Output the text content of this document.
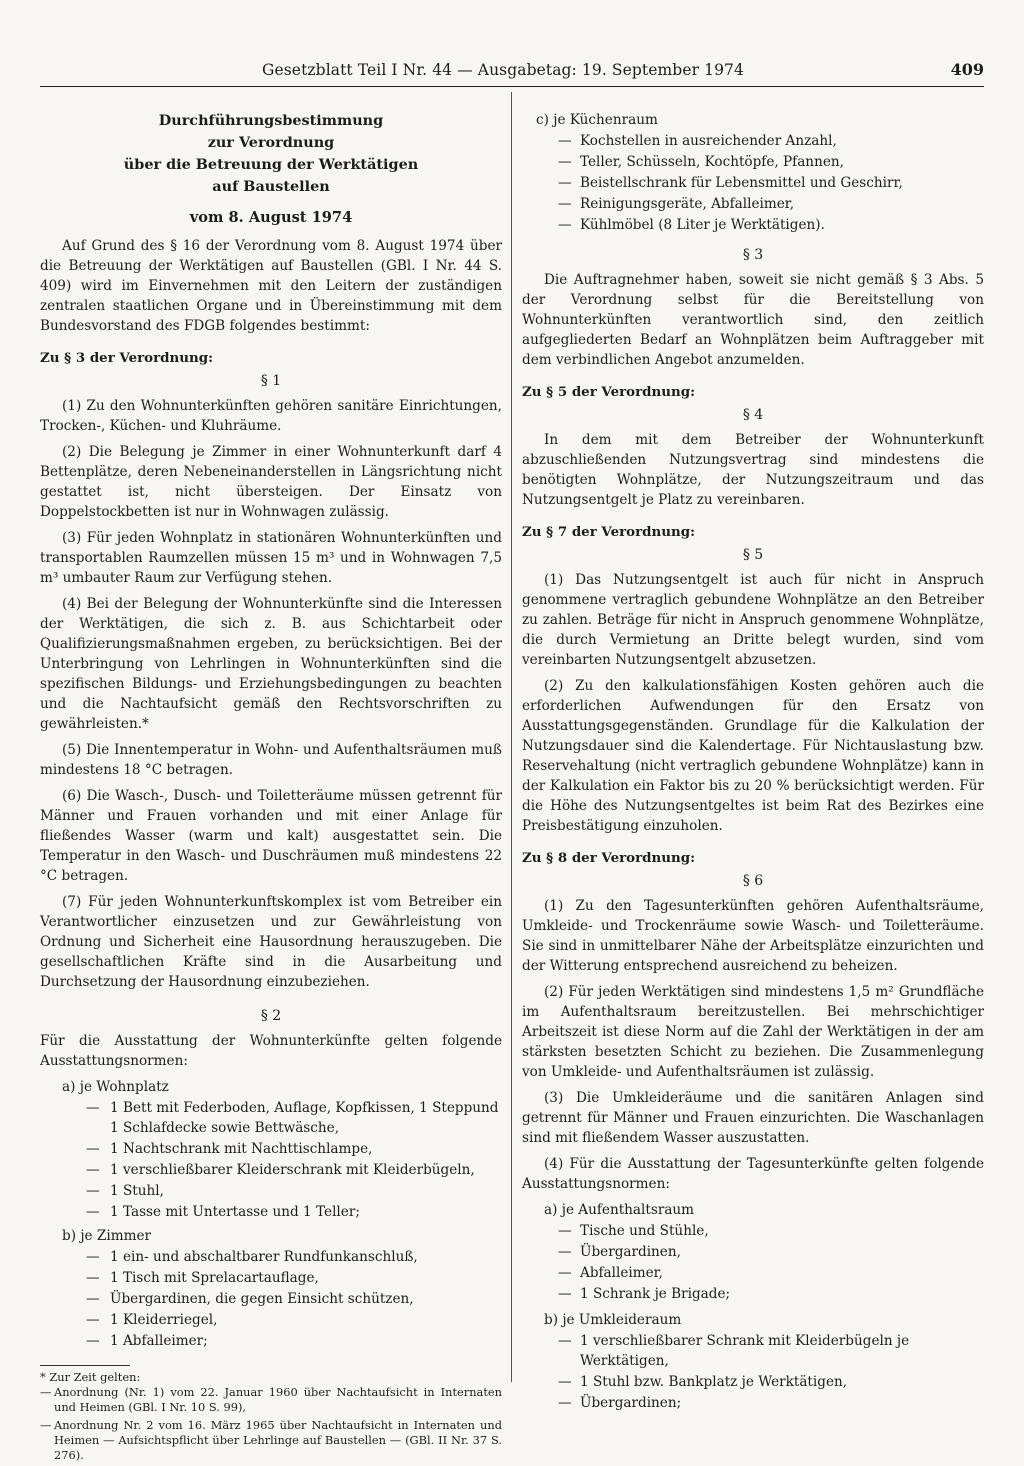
Gesetzblatt Teil I Nr. 44 — Ausgabetag: 19. September 1974	409
Durchführungsbestimmung
zur Verordnung
über die Betreuung der Werktätigen
auf Baustellen
vom 8. August 1974

Auf Grund des § 16 der Verordnung vom 8. August 1974 über die Betreuung der Werktätigen auf Baustellen (GBl. I Nr. 44 S. 409) wird im Einvernehmen mit den Leitern der zuständigen zentralen staatlichen Organe und in Übereinstimmung mit dem Bundesvorstand des FDGB folgendes bestimmt:

Zu § 3 der Verordnung:
§ 1

(1) Zu den Wohnunterkünften gehören sanitäre Einrichtungen, Trocken-, Küchen- und Kluhräume.

(2) Die Belegung je Zimmer in einer Wohnunterkunft darf 4 Bettenplätze, deren Nebeneinanderstellen in Längsrichtung nicht gestattet ist, nicht übersteigen. Der Einsatz von Doppelstockbetten ist nur in Wohnwagen zulässig.

(3) Für jeden Wohnplatz in stationären Wohnunterkünften und transportablen Raumzellen müssen 15 m³ und in Wohnwagen 7,5 m³ umbauter Raum zur Verfügung stehen.

(4) Bei der Belegung der Wohnunterkünfte sind die Interessen der Werktätigen, die sich z. B. aus Schichtarbeit oder Qualifizierungsmaßnahmen ergeben, zu berücksichtigen. Bei der Unterbringung von Lehrlingen in Wohnunterkünften sind die spezifischen Bildungs- und Erziehungsbedingungen zu beachten und die Nachtaufsicht gemäß den Rechtsvorschriften zu gewährleisten.*

(5) Die Innentemperatur in Wohn- und Aufenthaltsräumen muß mindestens 18 °C betragen.

(6) Die Wasch-, Dusch- und Toiletteräume müssen getrennt für Männer und Frauen vorhanden und mit einer Anlage für fließendes Wasser (warm und kalt) ausgestattet sein. Die Temperatur in den Wasch- und Duschräumen muß mindestens 22 °C betragen.

(7) Für jeden Wohnunterkunftskomplex ist vom Betreiber ein Verantwortlicher einzusetzen und zur Gewährleistung von Ordnung und Sicherheit eine Hausordnung herauszugeben. Die gesellschaftlichen Kräfte sind in die Ausarbeitung und Durchsetzung der Hausordnung einzubeziehen.

§ 2

Für die Ausstattung der Wohnunterkünfte gelten folgende Ausstattungsnormen:

a) je Wohnplatz
— 1 Bett mit Federboden, Auflage, Kopfkissen, 1 Steppund 1 Schlafdecke sowie Bettwäsche,
— 1 Nachtschrank mit Nachttischlampe,
— 1 verschließbarer Kleiderschrank mit Kleiderbügeln,
— 1 Stuhl,
— 1 Tasse mit Untertasse und 1 Teller;
b) je Zimmer
— 1 ein- und abschaltbarer Rundfunkanschluß,
— 1 Tisch mit Sprelacartauflage,
— Übergardinen, die gegen Einsicht schützen,
— 1 Kleiderriegel,
— 1 Abfalleimer;

* Zur Zeit gelten:

— Anordnung (Nr. 1) vom 22. Januar 1960 über Nachtaufsicht in Internaten und Heimen (GBl. I Nr. 10 S. 99),
— Anordnung Nr. 2 vom 16. März 1965 über Nachtaufsicht in Internaten und Heimen — Aufsichtspflicht über Lehrlinge auf Baustellen — (GBl. II Nr. 37 S. 276).
c) je Küchenraum
— Kochstellen in ausreichender Anzahl,
— Teller, Schüsseln, Kochtöpfe, Pfannen,
— Beistellschrank für Lebensmittel und Geschirr,
— Reinigungsgeräte, Abfalleimer,
— Kühlmöbel (8 Liter je Werktätigen).
§ 3

Die Auftragnehmer haben, soweit sie nicht gemäß § 3 Abs. 5 der Verordnung selbst für die Bereitstellung von Wohnunterkünften verantwortlich sind, den zeitlich aufgegliederten Bedarf an Wohnplätzen beim Auftraggeber mit dem verbindlichen Angebot anzumelden.

Zu § 5 der Verordnung:
§ 4

In dem mit dem Betreiber der Wohnunterkunft abzuschließenden Nutzungsvertrag sind mindestens die benötigten Wohnplätze, der Nutzungszeitraum und das Nutzungsentgelt je Platz zu vereinbaren.

Zu § 7 der Verordnung:
§ 5

(1) Das Nutzungsentgelt ist auch für nicht in Anspruch genommene vertraglich gebundene Wohnplätze an den Betreiber zu zahlen. Beträge für nicht in Anspruch genommene Wohnplätze, die durch Vermietung an Dritte belegt wurden, sind vom vereinbarten Nutzungsentgelt abzusetzen.

(2) Zu den kalkulationsfähigen Kosten gehören auch die erforderlichen Aufwendungen für den Ersatz von Ausstattungsgegenständen. Grundlage für die Kalkulation der Nutzungsdauer sind die Kalendertage. Für Nichtauslastung bzw. Reservehaltung (nicht vertraglich gebundene Wohnplätze) kann in der Kalkulation ein Faktor bis zu 20 % berücksichtigt werden. Für die Höhe des Nutzungsentgeltes ist beim Rat des Bezirkes eine Preisbestätigung einzuholen.

Zu § 8 der Verordnung:
§ 6

(1) Zu den Tagesunterkünften gehören Aufenthaltsräume, Umkleide- und Trockenräume sowie Wasch- und Toiletteräume. Sie sind in unmittelbarer Nähe der Arbeitsplätze einzurichten und der Witterung entsprechend ausreichend zu beheizen.

(2) Für jeden Werktätigen sind mindestens 1,5 m² Grundfläche im Aufenthaltsraum bereitzustellen. Bei mehrschichtiger Arbeitszeit ist diese Norm auf die Zahl der Werktätigen in der am stärksten besetzten Schicht zu beziehen. Die Zusammenlegung von Umkleide- und Aufenthaltsräumen ist zulässig.

(3) Die Umkleideräume und die sanitären Anlagen sind getrennt für Männer und Frauen einzurichten. Die Waschanlagen sind mit fließendem Wasser auszustatten.

(4) Für die Ausstattung der Tagesunterkünfte gelten folgende Ausstattungsnormen:

a) je Aufenthaltsraum
— Tische und Stühle,
— Übergardinen,
— Abfalleimer,
— 1 Schrank je Brigade;
b) je Umkleideraum
— 1 verschließbarer Schrank mit Kleiderbügeln je Werktätigen,
— 1 Stuhl bzw. Bankplatz je Werktätigen,
— Übergardinen;
